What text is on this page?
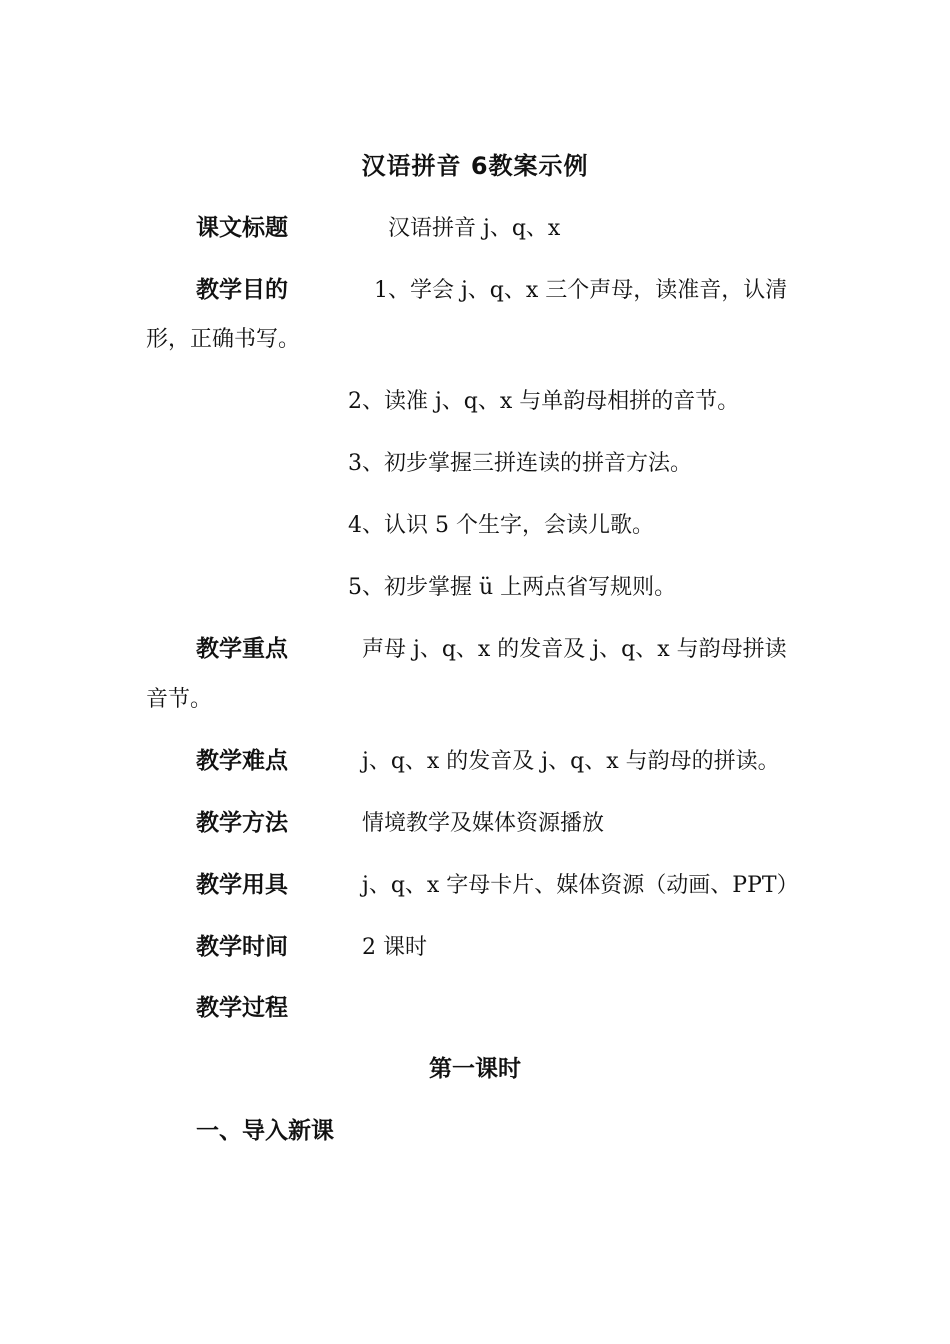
汉语拼音 6教案示例
课文标题	汉语拼音 j、q、x
教学目的	1、学会 j、q、x 三个声母，读准音，认清
形，正确书写。
2、读准 j、q、x 与单韵母相拼的音节。
3、初步掌握三拼连读的拼音方法。
4、认识 5 个生字，会读儿歌。
5、初步掌握 ü 上两点省写规则。
教学重点	声母 j、q、x 的发音及 j、q、x 与韵母拼读
音节。
教学难点	j、q、x 的发音及 j、q、x 与韵母的拼读。
教学方法	情境教学及媒体资源播放
教学用具	j、q、x 字母卡片、媒体资源（动画、PPT）
教学时间	2 课时
教学过程
第一课时
一、导入新课
